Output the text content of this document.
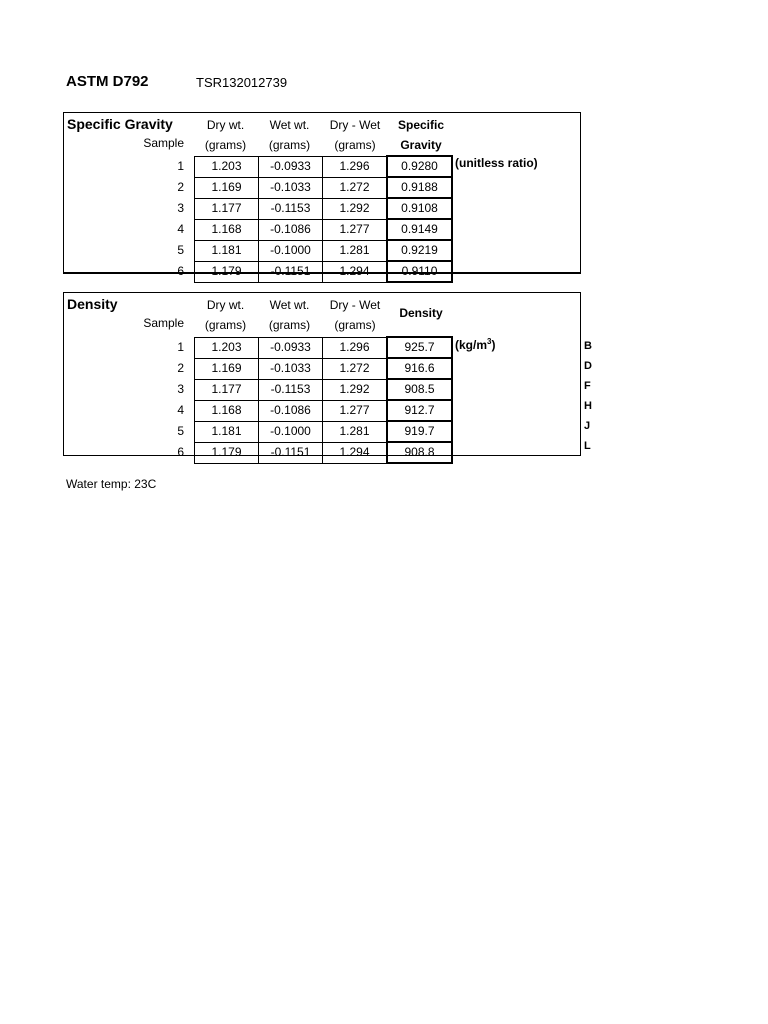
ASTM D792	TSR132012739
Specific Gravity
Sample
Dry wt.
(grams)
Wet wt.
(grams)
Dry - Wet
(grams)
Specific
Gravity
1	1.203	-0.0933	1.296	0.9280
2	1.169	-0.1033	1.272	0.9188
3	1.177	-0.1153	1.292	0.9108
4	1.168	-0.1086	1.277	0.9149
5	1.181	-0.1000	1.281	0.9219
6	1.179	-0.1151	1.294	0.9110
(unitless ratio)
Density
Sample
Dry wt.
(grams)
Wet wt.
(grams)
Dry - Wet
(grams)
Density
1	1.203	-0.0933	1.296	925.7
2	1.169	-0.1033	1.272	916.6
3	1.177	-0.1153	1.292	908.5
4	1.168	-0.1086	1.277	912.7
5	1.181	-0.1000	1.281	919.7
6	1.179	-0.1151	1.294	908.8
$(kg/m^3)$	B
D
F
H
J
L
Water temp: 23C
